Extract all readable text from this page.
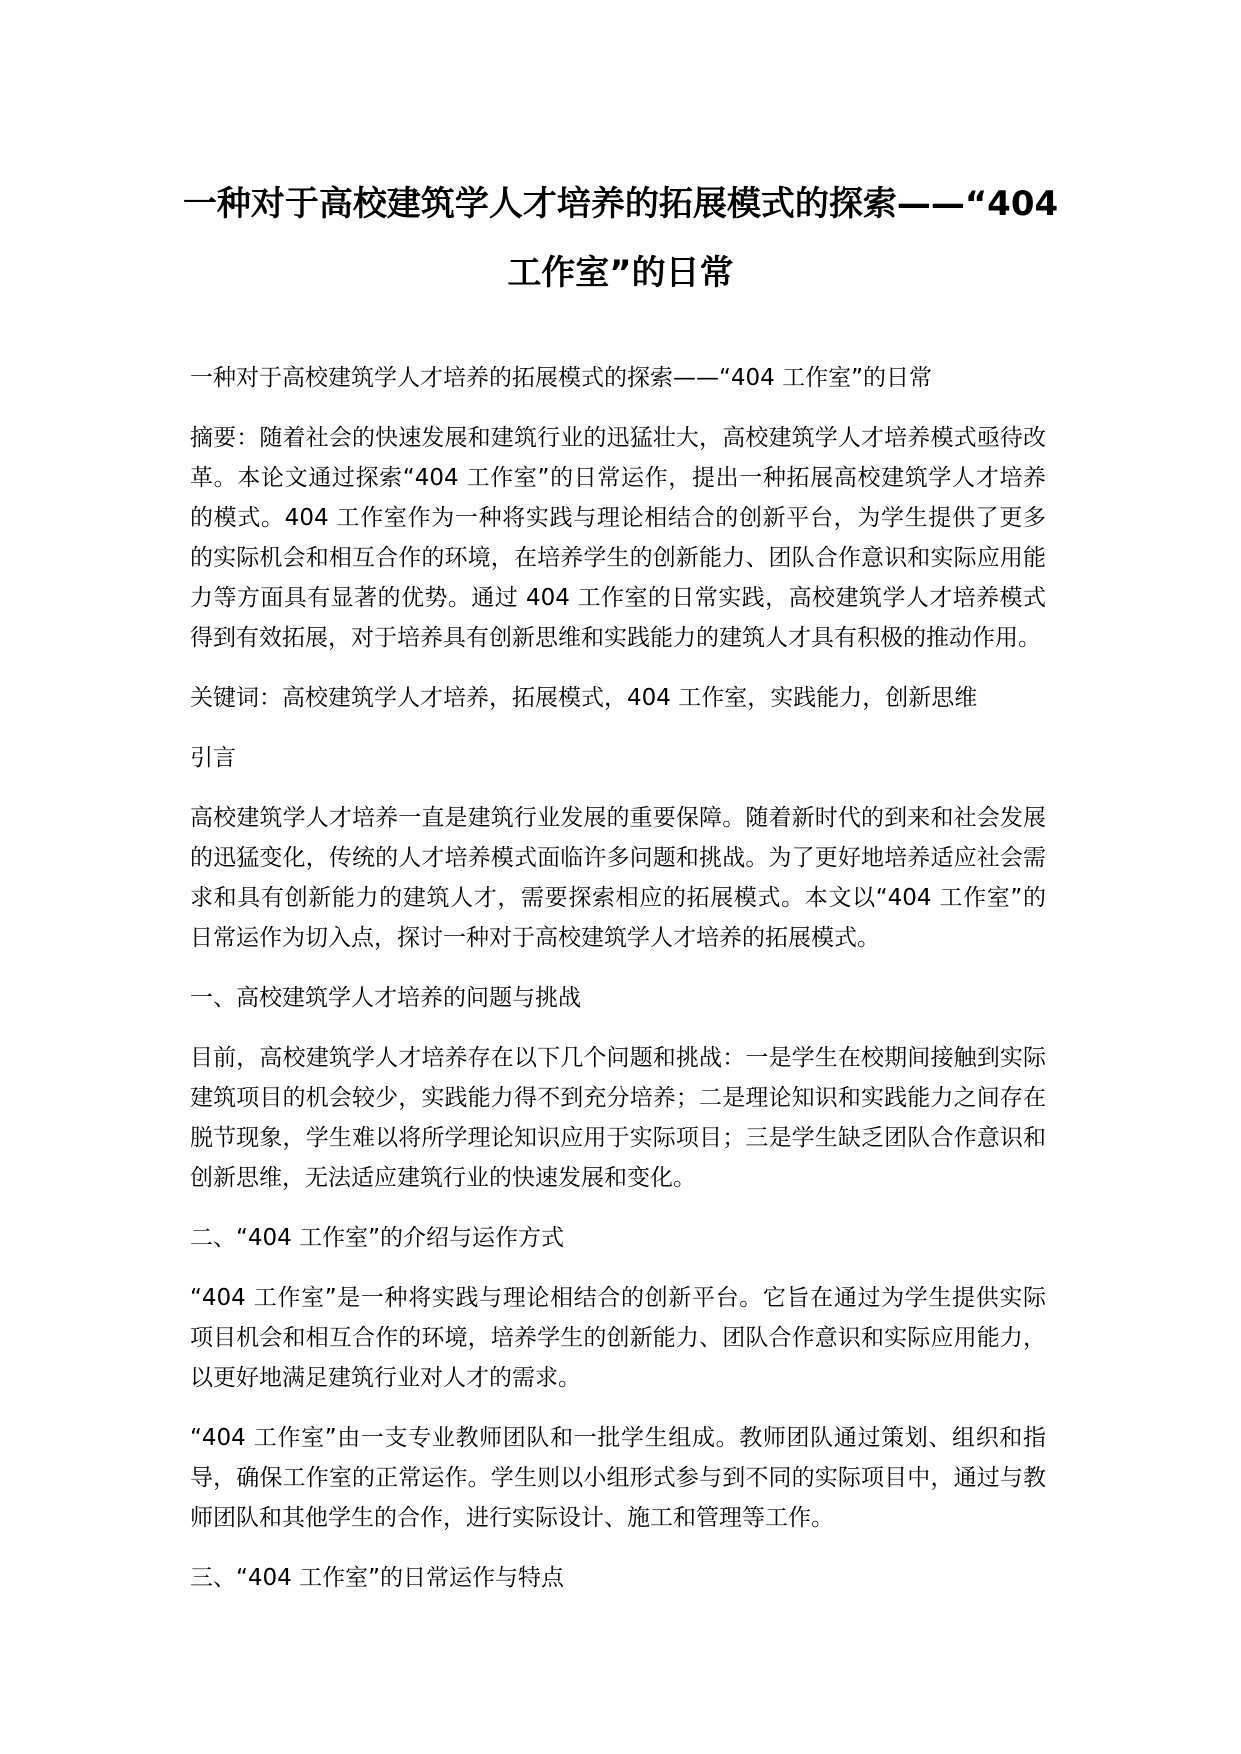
一种对于高校建筑学人才培养的拓展模式的探索——“404 工作室”的日常

一种对于高校建筑学人才培养的拓展模式的探索——“404 工作室”的日常

摘要：随着社会的快速发展和建筑行业的迅猛壮大，高校建筑学人才培养模式亟待改革。本论文通过探索“404 工作室”的日常运作，提出一种拓展高校建筑学人才培养的模式。404 工作室作为一种将实践与理论相结合的创新平台，为学生提供了更多的实际机会和相互合作的环境，在培养学生的创新能力、团队合作意识和实际应用能力等方面具有显著的优势。通过 404 工作室的日常实践，高校建筑学人才培养模式得到有效拓展，对于培养具有创新思维和实践能力的建筑人才具有积极的推动作用。

关键词：高校建筑学人才培养，拓展模式，404 工作室，实践能力，创新思维

引言

高校建筑学人才培养一直是建筑行业发展的重要保障。随着新时代的到来和社会发展的迅猛变化，传统的人才培养模式面临许多问题和挑战。为了更好地培养适应社会需求和具有创新能力的建筑人才，需要探索相应的拓展模式。本文以“404 工作室”的日常运作为切入点，探讨一种对于高校建筑学人才培养的拓展模式。

一、高校建筑学人才培养的问题与挑战

目前，高校建筑学人才培养存在以下几个问题和挑战：一是学生在校期间接触到实际建筑项目的机会较少，实践能力得不到充分培养；二是理论知识和实践能力之间存在脱节现象，学生难以将所学理论知识应用于实际项目；三是学生缺乏团队合作意识和创新思维，无法适应建筑行业的快速发展和变化。

二、“404 工作室”的介绍与运作方式

“404 工作室”是一种将实践与理论相结合的创新平台。它旨在通过为学生提供实际项目机会和相互合作的环境，培养学生的创新能力、团队合作意识和实际应用能力，以更好地满足建筑行业对人才的需求。

“404 工作室”由一支专业教师团队和一批学生组成。教师团队通过策划、组织和指导，确保工作室的正常运作。学生则以小组形式参与到不同的实际项目中，通过与教师团队和其他学生的合作，进行实际设计、施工和管理等工作。

三、“404 工作室”的日常运作与特点
